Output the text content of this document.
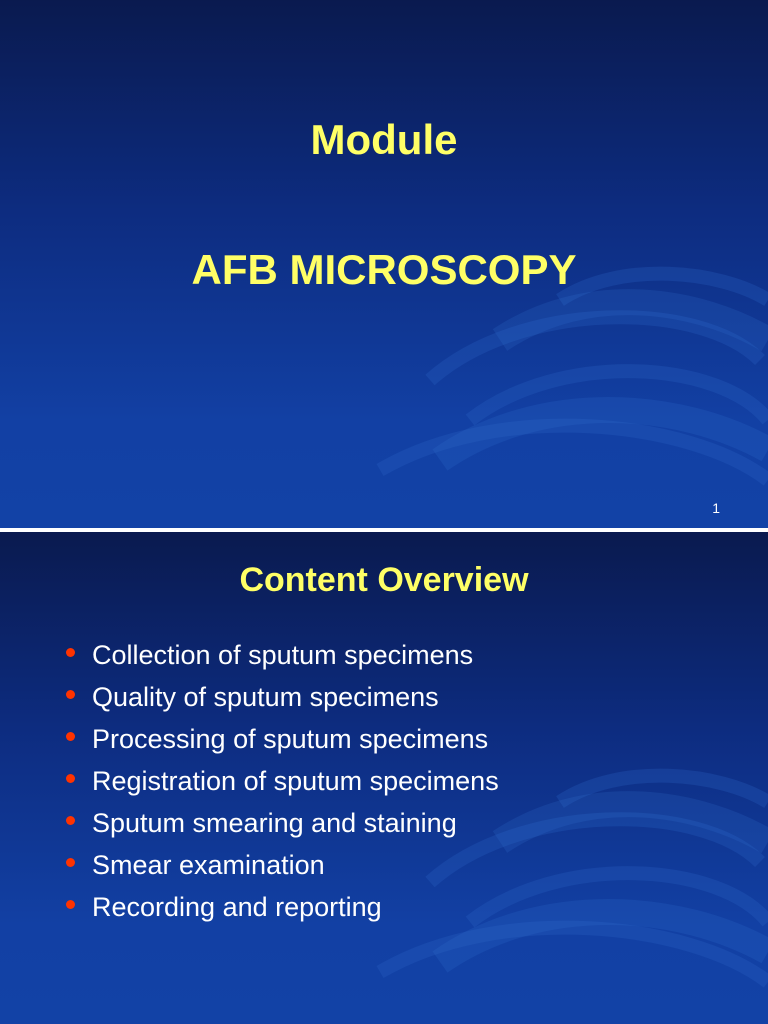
Module
AFB MICROSCOPY
1
Content Overview
Collection of sputum specimens
Quality of sputum specimens
Processing of sputum specimens
Registration of sputum specimens
Sputum smearing and staining
Smear examination
Recording and reporting
